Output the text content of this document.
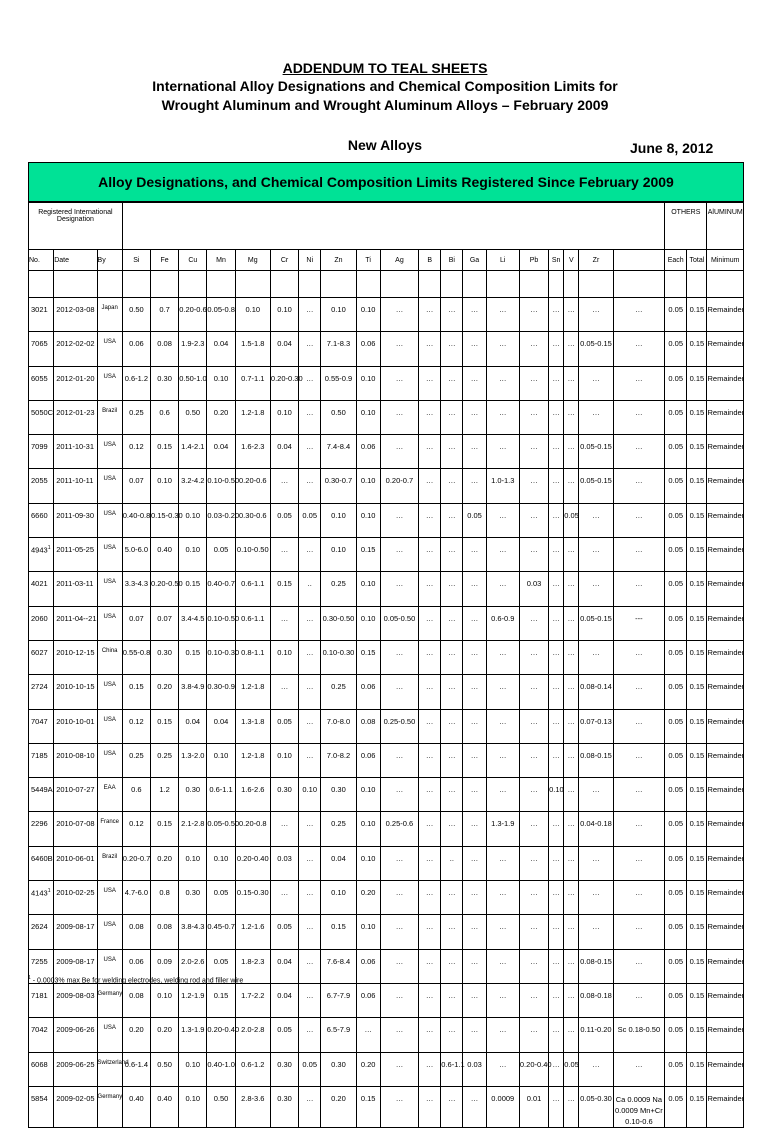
ADDENDUM TO TEAL SHEETS
International Alloy Designations and Chemical Composition Limits for
Wrought Aluminum and Wrought Aluminum Alloys – February 2009
New Alloys	June 8, 2012
Alloy Designations, and Chemical Composition Limits Registered Since February 2009
Registered International Designation																						OTHERS		AlUMINUM
No.	Date	By	Si	Fe	Cu	Mn	Mg	Cr	Ni	Zn	Ti	Ag	B	Bi	Ga	Li	Pb	Sn	V	Zr		Each	Total	Minimum

3021	2012-03-08	Japan	0.50	0.7	0.20-0.6	0.05-0.8	0.10	0.10	…	0.10	0.10	…	…	…	…	…	…	…	…	…	…	0.05	0.15	Remainder
7065	2012-02-02	USA	0.06	0.08	1.9-2.3	0.04	1.5-1.8	0.04	…	7.1-8.3	0.06	…	…	…	…	…	…	…	…	0.05-0.15	…	0.05	0.15	Remainder
6055	2012-01-20	USA	0.6-1.2	0.30	0.50-1.0	0.10	0.7-1.1	0.20-0.30	…	0.55-0.9	0.10	…	…	…	…	…	…	…	…	…	…	0.05	0.15	Remainder
5050C	2012-01-23	Brazil	0.25	0.6	0.50	0.20	1.2-1.8	0.10	…	0.50	0.10	…	…	…	…	…	…	…	…	…	…	0.05	0.15	Remainder
7099	2011-10-31	USA	0.12	0.15	1.4-2.1	0.04	1.6-2.3	0.04	…	7.4-8.4	0.06	…	…	…	…	…	…	…	…	0.05-0.15	…	0.05	0.15	Remainder
2055	2011-10-11	USA	0.07	0.10	3.2-4.2	0.10-0.50	0.20-0.6	…	…	0.30-0.7	0.10	0.20-0.7	…	…	…	1.0-1.3	…	…	…	0.05-0.15	…	0.05	0.15	Remainder
6660	2011-09-30	USA	0.40-0.8	0.15-0.30	0.10	0.03-0.20	0.30-0.6	0.05	0.05	0.10	0.10	…	…	…	0.05	…	…	…	0.05	…	…	0.05	0.15	Remainder
4943$^1$	2011-05-25	USA	5.0-6.0	0.40	0.10	0.05	0.10-0.50	…	…	0.10	0.15	…	…	…	…	…	…	…	…	…	…	0.05	0.15	Remainder
4021	2011-03-11	USA	3.3-4.3	0.20-0.50	0.15	0.40-0.7	0.6-1.1	0.15	..	0.25	0.10	…	…	…	…	…	0.03	…	…	…	…	0.05	0.15	Remainder
2060	2011-04--21	USA	0.07	0.07	3.4-4.5	0.10-0.50	0.6-1.1	…	…	0.30-0.50	0.10	0.05-0.50	…	…	…	0.6-0.9	…	…	…	0.05-0.15	---	0.05	0.15	Remainder
6027	2010-12-15	China	0.55-0.8	0.30	0.15	0.10-0.30	0.8-1.1	0.10	…	0.10-0.30	0.15	…	…	…	…	…	…	…	…	…	…	0.05	0.15	Remainder
2724	2010-10-15	USA	0.15	0.20	3.8-4.9	0.30-0.9	1.2-1.8	…	…	0.25	0.06	…	…	…	…	…	…	…	…	0.08-0.14	…	0.05	0.15	Remainder
7047	2010-10-01	USA	0.12	0.15	0.04	0.04	1.3-1.8	0.05	…	7.0-8.0	0.08	0.25-0.50	…	…	…	…	…	…	…	0.07-0.13	…	0.05	0.15	Remainder
7185	2010-08-10	USA	0.25	0.25	1.3-2.0	0.10	1.2-1.8	0.10	…	7.0-8.2	0.06	…	…	…	…	…	…	…	…	0.08-0.15	…	0.05	0.15	Remainder
5449A	2010-07-27	EAA	0.6	1.2	0.30	0.6-1.1	1.6-2.6	0.30	0.10	0.30	0.10	…	…	…	…	…	…	0.10	…	…	…	0.05	0.15	Remainder
2296	2010-07-08	France	0.12	0.15	2.1-2.8	0.05-0.50	0.20-0.8	…	…	0.25	0.10	0.25-0.6	…	…	…	1.3-1.9	…	…	…	0.04-0.18	…	0.05	0.15	Remainder
6460B	2010-06-01	Brazil	0.20-0.7	0.20	0.10	0.10	0.20-0.40	0.03	…	0.04	0.10	…	…	..	…	…	…	…	…	…	…	0.05	0.15	Remainder
4143$^1$	2010-02-25	USA	4.7-6.0	0.8	0.30	0.05	0.15-0.30	…	…	0.10	0.20	…	…	…	…	…	…	…	…	…	…	0.05	0.15	Remainder
2624	2009-08-17	USA	0.08	0.08	3.8-4.3	0.45-0.7	1.2-1.6	0.05	…	0.15	0.10	…	…	…	…	…	…	…	…	…	…	0.05	0.15	Remainder
7255	2009-08-17	USA	0.06	0.09	2.0-2.6	0.05	1.8-2.3	0.04	…	7.6-8.4	0.06	…	…	…	…	…	…	…	…	0.08-0.15	…	0.05	0.15	Remainder
7181	2009-08-03	Germany	0.08	0.10	1.2-1.9	0.15	1.7-2.2	0.04	…	6.7-7.9	0.06	…	…	…	…	…	…	…	…	0.08-0.18	…	0.05	0.15	Remainder
7042	2009-06-26	USA	0.20	0.20	1.3-1.9	0.20-0.40	2.0-2.8	0.05	…	6.5-7.9	…	…	…	…	…	…	…	…	…	0.11-0.20	Sc 0.18-0.50	0.05	0.15	Remainder
6068	2009-06-25	Switzerland	0.6-1.4	0.50	0.10	0.40-1.0	0.6-1.2	0.30	0.05	0.30	0.20	…	…	0.6-1.1	0.03	…	0.20-0.40	…	0.05	…	…	0.05	0.15	Remainder
5854	2009-02-05	Germany	0.40	0.40	0.10	0.50	2.8-3.6	0.30	…	0.20	0.15	…	…	…	…	0.0009	0.01	…	…	0.05-0.30	Ca 0.0009 Na 0.0009 Mn+Cr 0.10-0.6	0.05	0.15	Remainder
$^1$ - 0.0003% max Be for welding electrodes, welding rod and filler wire
